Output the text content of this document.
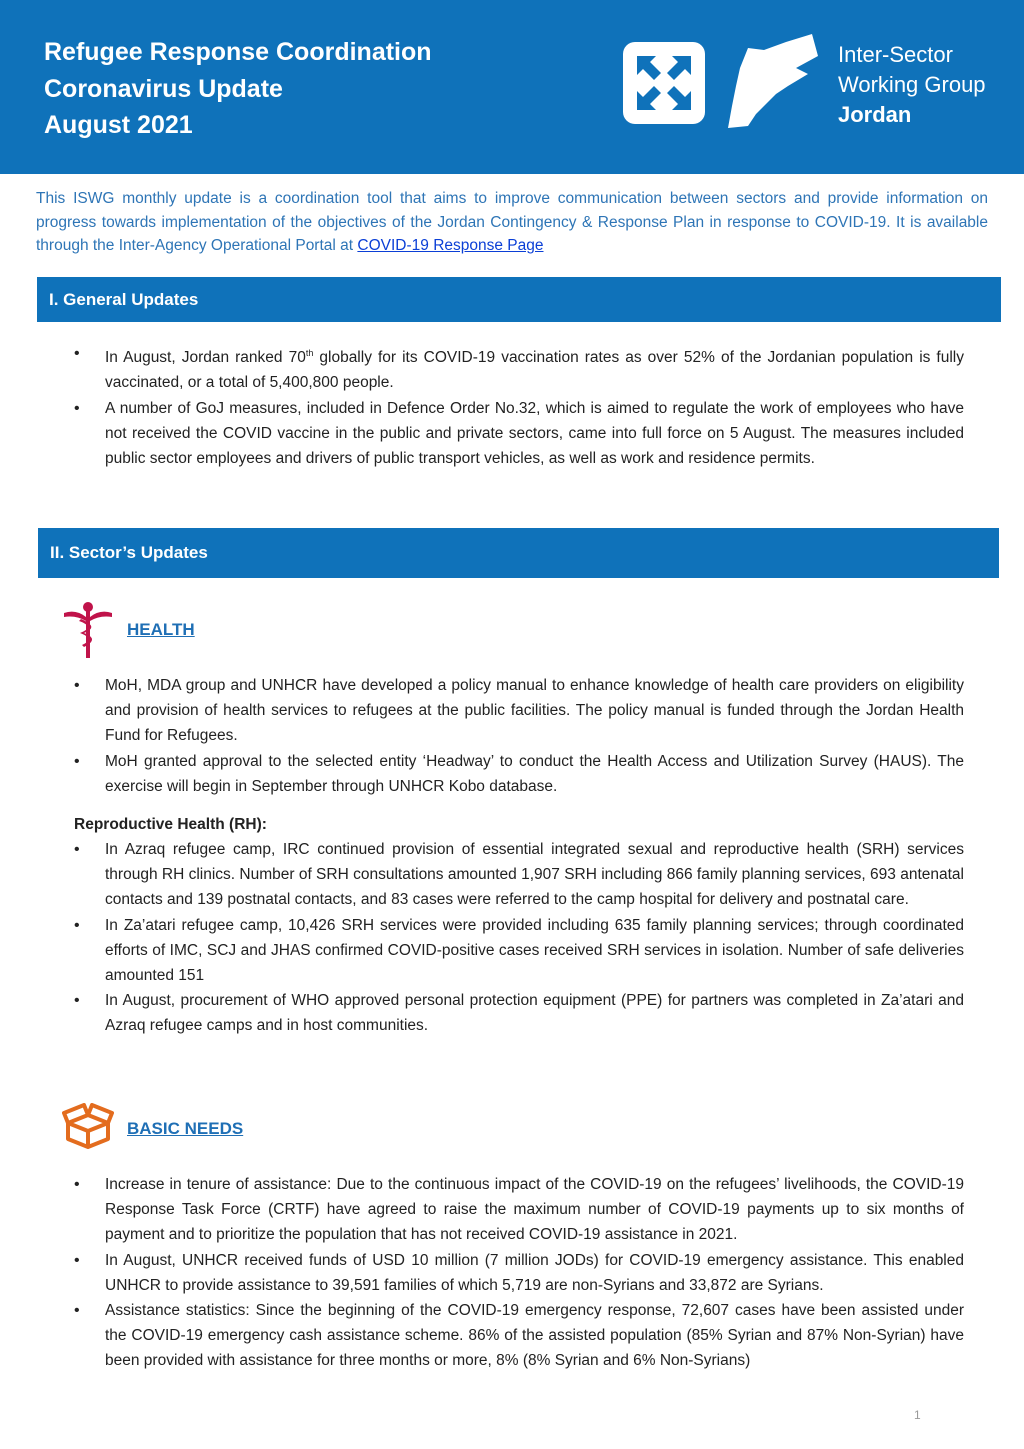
Refugee Response Coordination
Coronavirus Update
August 2021
Inter-Sector
Working Group
Jordan
This ISWG monthly update is a coordination tool that aims to improve communication between sectors and provide information on progress towards implementation of the objectives of the Jordan Contingency & Response Plan in response to COVID-19. It is available through the Inter-Agency Operational Portal at COVID-19 Response Page
I. General Updates
• In August, Jordan ranked 70th globally for its COVID-19 vaccination rates as over 52% of the Jordanian population is fully vaccinated, or a total of 5,400,800 people.
• A number of GoJ measures, included in Defence Order No.32, which is aimed to regulate the work of employees who have not received the COVID vaccine in the public and private sectors, came into full force on 5 August. The measures included public sector employees and drivers of public transport vehicles, as well as work and residence permits.
II. Sector’s Updates
HEALTH
• MoH, MDA group and UNHCR have developed a policy manual to enhance knowledge of health care providers on eligibility and provision of health services to refugees at the public facilities. The policy manual is funded through the Jordan Health Fund for Refugees.
• MoH granted approval to the selected entity ‘Headway’ to conduct the Health Access and Utilization Survey (HAUS). The exercise will begin in September through UNHCR Kobo database.
Reproductive Health (RH):
• In Azraq refugee camp, IRC continued provision of essential integrated sexual and reproductive health (SRH) services through RH clinics. Number of SRH consultations amounted 1,907 SRH including 866 family planning services, 693 antenatal contacts and 139 postnatal contacts, and 83 cases were referred to the camp hospital for delivery and postnatal care.
• In Za’atari refugee camp, 10,426 SRH services were provided including 635 family planning services; through coordinated efforts of IMC, SCJ and JHAS confirmed COVID-positive cases received SRH services in isolation. Number of safe deliveries amounted 151
• In August, procurement of WHO approved personal protection equipment (PPE) for partners was completed in Za’atari and Azraq refugee camps and in host communities.
BASIC NEEDS
• Increase in tenure of assistance: Due to the continuous impact of the COVID-19 on the refugees’ livelihoods, the COVID-19 Response Task Force (CRTF) have agreed to raise the maximum number of COVID-19 payments up to six months of payment and to prioritize the population that has not received COVID-19 assistance in 2021.
• In August, UNHCR received funds of USD 10 million (7 million JODs) for COVID-19 emergency assistance. This enabled UNHCR to provide assistance to 39,591 families of which 5,719 are non-Syrians and 33,872 are Syrians.
• Assistance statistics: Since the beginning of the COVID-19 emergency response, 72,607 cases have been assisted under the COVID-19 emergency cash assistance scheme. 86% of the assisted population (85% Syrian and 87% Non-Syrian) have been provided with assistance for three months or more, 8% (8% Syrian and 6% Non-Syrians)
1
